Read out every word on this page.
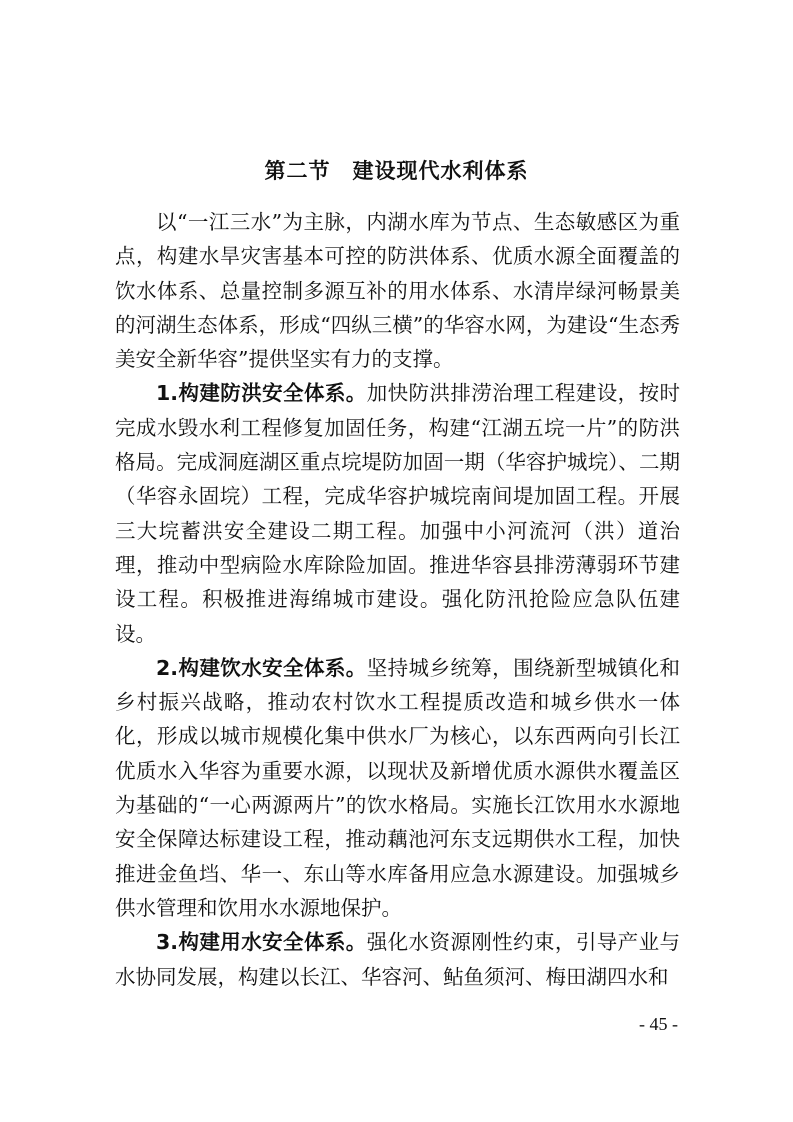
第二节　建设现代水利体系

以“一江三水”为主脉，内湖水库为节点、生态敏感区为重点，构建水旱灾害基本可控的防洪体系、优质水源全面覆盖的饮水体系、总量控制多源互补的用水体系、水清岸绿河畅景美的河湖生态体系，形成“四纵三横”的华容水网，为建设“生态秀美安全新华容”提供坚实有力的支撑。

1.构建防洪安全体系。加快防洪排涝治理工程建设，按时完成水毁水利工程修复加固任务，构建“江湖五垸一片”的防洪格局。完成洞庭湖区重点垸堤防加固一期（华容护城垸）、二期（华容永固垸）工程，完成华容护城垸南间堤加固工程。开展三大垸蓄洪安全建设二期工程。加强中小河流河（洪）道治理，推动中型病险水库除险加固。推进华容县排涝薄弱环节建设工程。积极推进海绵城市建设。强化防汛抢险应急队伍建设。

2.构建饮水安全体系。坚持城乡统筹，围绕新型城镇化和乡村振兴战略，推动农村饮水工程提质改造和城乡供水一体化，形成以城市规模化集中供水厂为核心，以东西两向引长江优质水入华容为重要水源，以现状及新增优质水源供水覆盖区为基础的“一心两源两片”的饮水格局。实施长江饮用水水源地安全保障达标建设工程，推动藕池河东支远期供水工程，加快推进金鱼垱、华一、东山等水库备用应急水源建设。加强城乡供水管理和饮用水水源地保护。

3.构建用水安全体系。强化水资源刚性约束，引导产业与水协同发展，构建以长江、华容河、鲇鱼须河、梅田湖四水和

- 45 -
